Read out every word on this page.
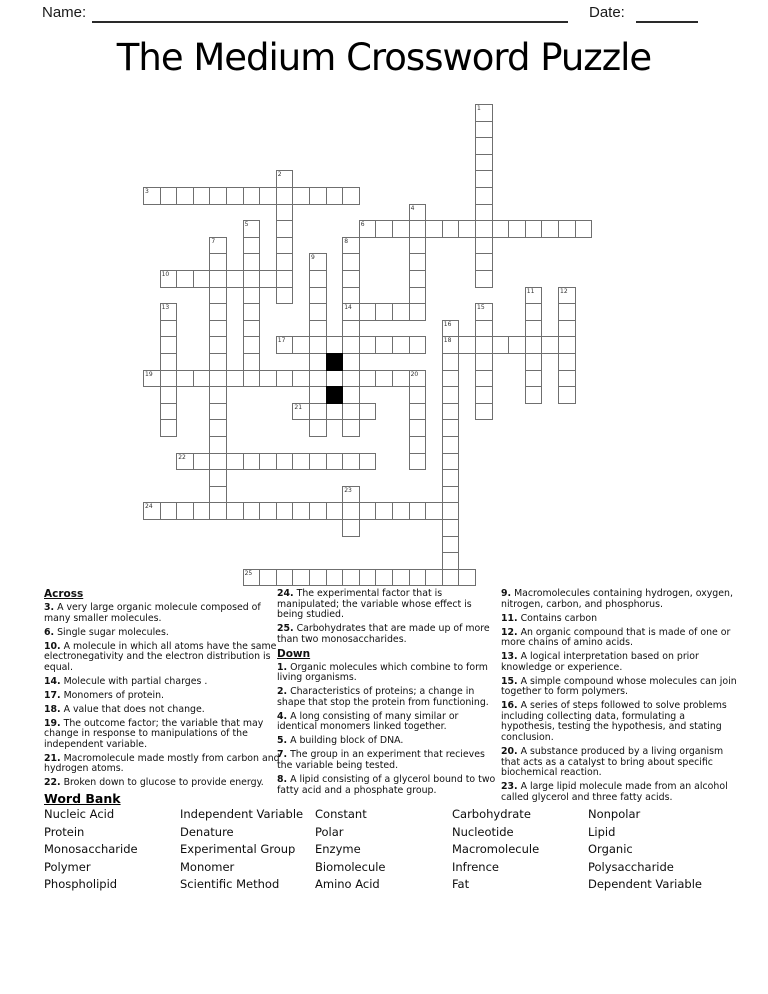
Name:	Date:
The Medium Crossword Puzzle
1
2
3
4
5	6
7	8
14
9
10
11	12
13	15
16
18
17
19	20
21
22
23
24
25

Across

3. A very large organic molecule composed of many smaller molecules.

6. Single sugar molecules.

10. A molecule in which all atoms have the same electronegativity and the electron distribution is equal.

14. Molecule with partial charges .

17. Monomers of protein.

18. A value that does not change.

19. The outcome factor; the variable that may change in response to manipulations of the independent variable.

21. Macromolecule made mostly from carbon and hydrogen atoms.

22. Broken down to glucose to provide energy.

24. The experimental factor that is manipulated; the variable whose effect is being studied.

25. Carbohydrates that are made up of more than two monosaccharides.

Down

1. Organic molecules which combine to form living organisms.

2. Characteristics of proteins; a change in shape that stop the protein from functioning.

4. A long consisting of many similar or identical monomers linked together.

5. A building block of DNA.

7. The group in an experiment that recieves the variable being tested.

8. A lipid consisting of a glycerol bound to two fatty acid and a phosphate group.

9. Macromolecules containing hydrogen, oxygen, nitrogen, carbon, and phosphorus.

11. Contains carbon

12. An organic compound that is made of one or more chains of amino acids.

13. A logical interpretation based on prior knowledge or experience.

15. A simple compound whose molecules can join together to form polymers.

16. A series of steps followed to solve problems including collecting data, formulating a hypothesis, testing the hypothesis, and stating conclusion.

20. A substance produced by a living organism that acts as a catalyst to bring about specific biochemical reaction.

23. A large lipid molecule made from an alcohol called glycerol and three fatty acids.

Word Bank
Nucleic Acid
Protein
Monosaccharide
Polymer
Phospholipid
Independent Variable
Denature
Experimental Group
Monomer
Scientific Method
Constant
Polar
Enzyme
Biomolecule
Amino Acid
Carbohydrate
Nucleotide
Macromolecule
Infrence
Fat
Nonpolar
Lipid
Organic
Polysaccharide
Dependent Variable
